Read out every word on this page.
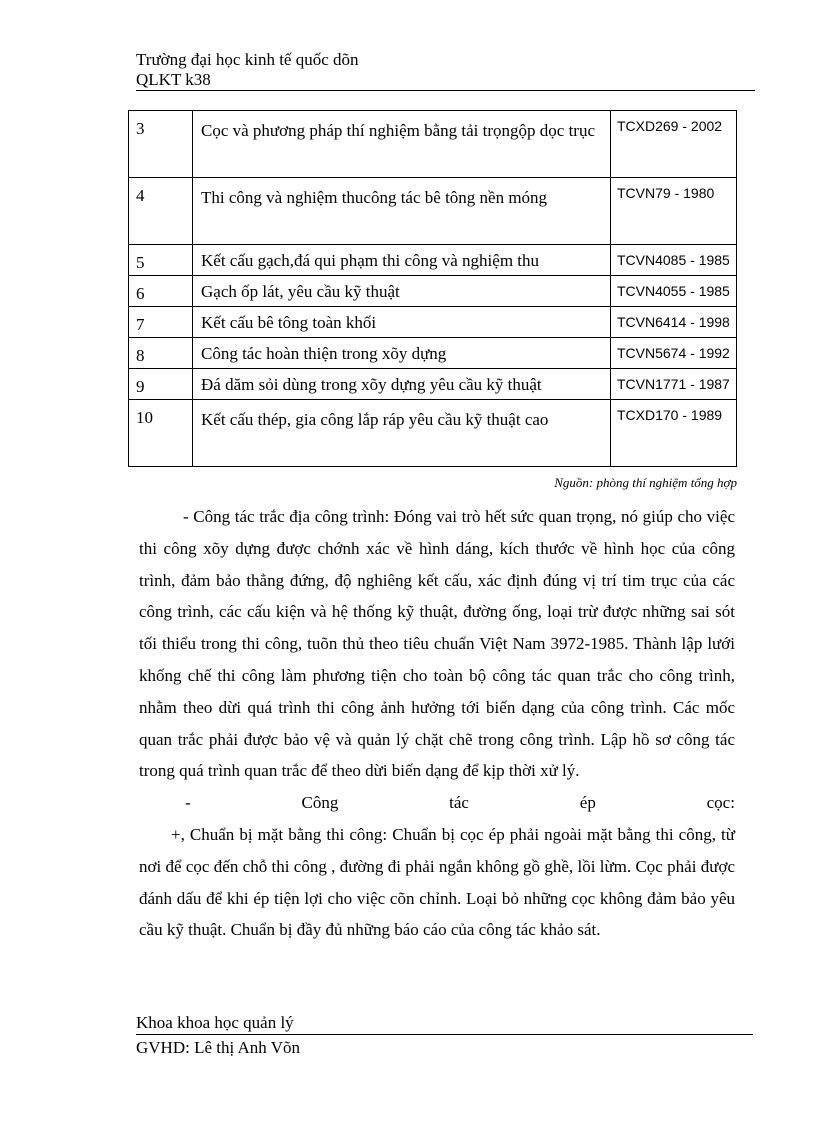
Trường đại học kinh tế quốc dõn
QLKT k38
3	Cọc và phương pháp thí nghiệm bằng tải trọngộp dọc trục	TCXD269 - 2002
4	Thi công và nghiệm thucông tác bê tông nền móng	TCVN79 - 1980
5	Kết cấu gạch,đá qui phạm thi công và nghiệm thu	TCVN4085 - 1985
6	Gạch ốp lát, yêu cầu kỹ thuật	TCVN4055 - 1985
7	Kết cấu bê tông toàn khối	TCVN6414 - 1998
8	Công tác hoàn thiện trong xõy dựng	TCVN5674 - 1992
9	Đá dăm sỏi dùng trong xõy dựng yêu cầu kỹ thuật	TCVN1771 - 1987
10	Kết cấu thép, gia công lắp ráp yêu cầu kỹ thuật cao	TCXD170 - 1989
Nguồn: phòng thí nghiệm tổng hợp

- Công tác trắc địa công trình: Đóng vai trò hết sức quan trọng, nó giúp cho việc thi công xõy dựng được chớnh xác về hình dáng, kích thước về hình học của công trình, đảm bảo thẳng đứng, độ nghiêng kết cấu, xác định đúng vị trí tim trục của các công trình, các cấu kiện và hệ thống kỹ thuật, đường ống, loại trừ được những sai sót tối thiểu trong thi công, tuõn thủ theo tiêu chuẩn Việt Nam 3972-1985. Thành lập lưới khống chế thi công làm phương tiện cho toàn bộ công tác quan trắc cho công trình, nhằm theo dừi quá trình thi công ảnh hưởng tới biến dạng của công trình. Các mốc quan trắc phải được bảo vệ và quản lý chặt chẽ trong công trình. Lập hồ sơ công tác trong quá trình quan trắc để theo dừi biến dạng để kịp thời xử lý.

-	Công	tác	ép	cọc:

+, Chuẩn bị mặt bằng thi công: Chuẩn bị cọc ép phải ngoài mặt bằng thi công, từ nơi để cọc đến chỗ thi công , đường đi phải ngắn không gồ ghề, lồi lừm. Cọc phải được đánh dấu để khi ép tiện lợi cho việc cõn chỉnh. Loại bỏ những cọc không đảm bảo yêu cầu kỹ thuật. Chuẩn bị đầy đủ những báo cáo của công tác khảo sát.

Khoa khoa học quản lý
GVHD: Lê thị Anh Võn
